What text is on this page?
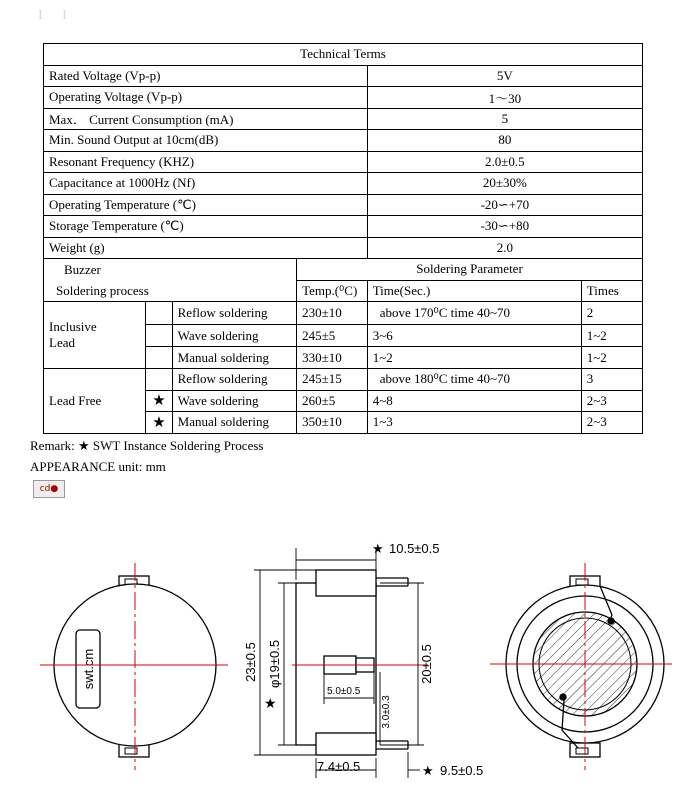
I I
Technical Terms					
Rated Voltage (Vp-p)				5V	
Operating Voltage (Vp-p)				1～30	
Max． Current Consumption (mA)				5	
Min. Sound Output at 10cm(dB)				80	
Resonant Frequency (KHZ)				2.0±0.5	
Capacitance at 1000Hz (Nf)				20±30%	
Operating Temperature (℃)				-20∽+70	
Storage Temperature (℃)				-30∽+80	
Weight (g)				2.0	
Buzzer			Soldering Parameter		
Soldering process			Temp.(⁰C)	Time(Sec.)	Times

Inclusive
Lead		Reflow soldering	230±10	above 170⁰C time 40~70	2
		Wave soldering	245±5	3~6	1~2
		Manual soldering	330±10	1~2	1~2
Lead Free		Reflow soldering	245±15	above 180⁰C time 40~70	3
	★	Wave soldering	260±5	4~8	2~3
	★	Manual soldering	350±10	1~3	2~3
Remark: ★ SWT Instance Soldering Process
APPEARANCE unit: mm
cd●
swt.cm
★ 10.5±0.5
23±0.5
★
φ19±0.5	20±0.5
5.0±0.5
3.0±0.3
7.4±0.5	★ 9.5±0.5
